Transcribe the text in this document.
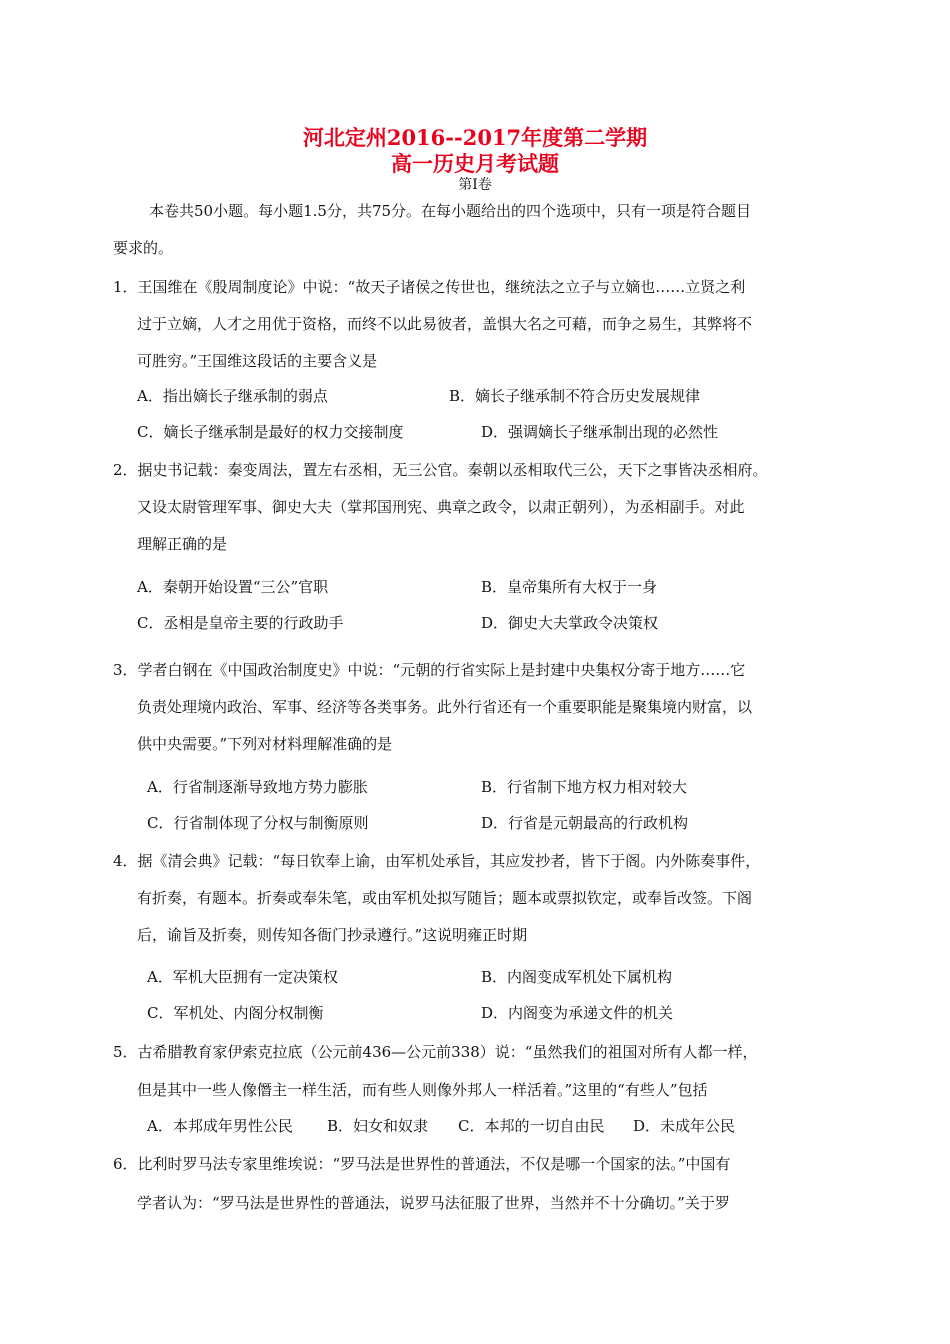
河北定州2016--2017年度第二学期
高一历史月考试题
第I卷
本卷共50小题。每小题1.5分，共75分。在每小题给出的四个选项中，只有一项是符合题目
要求的。
1．王国维在《殷周制度论》中说：“故天子诸侯之传世也，继统法之立子与立嫡也……立贤之利
过于立嫡，人才之用优于资格，而终不以此易彼者，盖惧大名之可藉，而争之易生，其弊将不
可胜穷。”王国维这段话的主要含义是
A．指出嫡长子继承制的弱点	B．嫡长子继承制不符合历史发展规律
C．嫡长子继承制是最好的权力交接制度	D．强调嫡长子继承制出现的必然性
2．据史书记载：秦变周法，置左右丞相，无三公官。秦朝以丞相取代三公，天下之事皆决丞相府。
又设太尉管理军事、御史大夫（掌邦国刑宪、典章之政令，以肃正朝列），为丞相副手。对此
理解正确的是
A．秦朝开始设置“三公”官职	B．皇帝集所有大权于一身
C．丞相是皇帝主要的行政助手	D．御史大夫掌政令决策权
3．学者白钢在《中国政治制度史》中说：“元朝的行省实际上是封建中央集权分寄于地方……它
负责处理境内政治、军事、经济等各类事务。此外行省还有一个重要职能是聚集境内财富，以
供中央需要。”下列对材料理解准确的是
A．行省制逐渐导致地方势力膨胀	B．行省制下地方权力相对较大
C．行省制体现了分权与制衡原则	D．行省是元朝最高的行政机构
4．据《清会典》记载：“每日钦奉上谕，由军机处承旨，其应发抄者，皆下于阁。内外陈奏事件，
有折奏，有题本。折奏或奉朱笔，或由军机处拟写随旨；题本或票拟钦定，或奉旨改签。下阁
后，谕旨及折奏，则传知各衙门抄录遵行。”这说明雍正时期
A．军机大臣拥有一定决策权	B．内阁变成军机处下属机构
C．军机处、内阁分权制衡	D．内阁变为承递文件的机关
5．古希腊教育家伊索克拉底（公元前436—公元前338）说：“虽然我们的祖国对所有人都一样，
但是其中一些人像僭主一样生活，而有些人则像外邦人一样活着。”这里的“有些人”包括
A．本邦成年男性公民 B．妇女和奴隶 C．本邦的一切自由民 D．未成年公民
6．比利时罗马法专家里维埃说：“罗马法是世界性的普通法，不仅是哪一个国家的法。”中国有
学者认为：“罗马法是世界性的普通法，说罗马法征服了世界，当然并不十分确切。”关于罗
